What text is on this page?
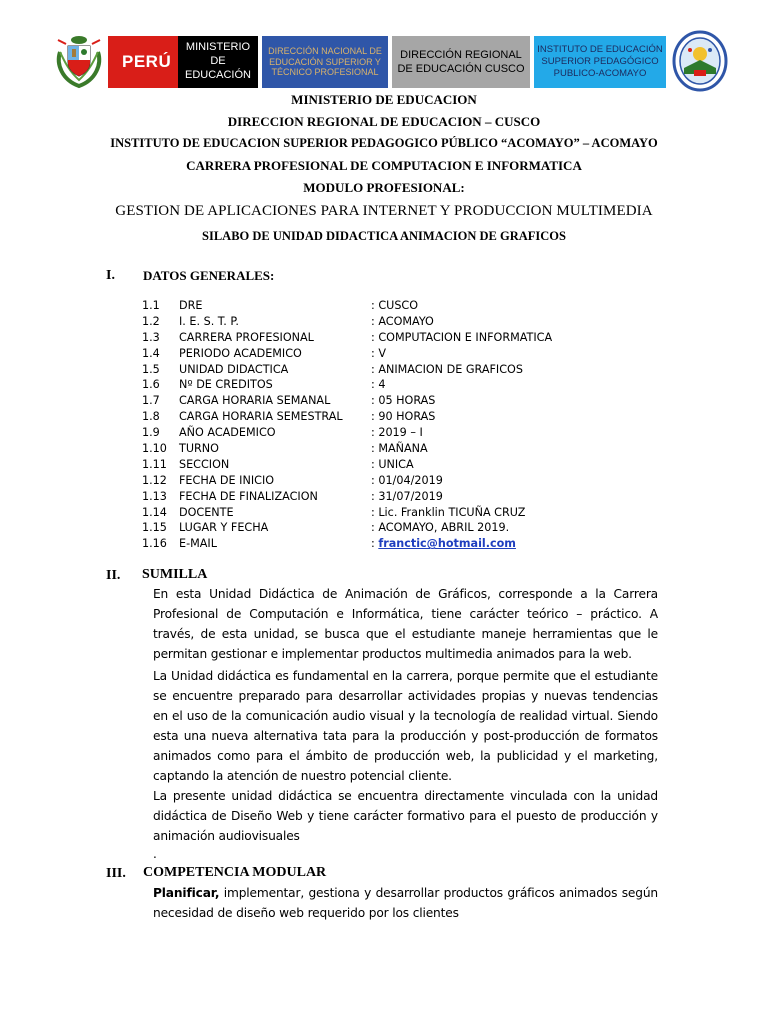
PERÚ
MINISTERIO
DE
EDUCACIÓN
DIRECCIÓN NACIONAL DE EDUCACIÓN SUPERIOR Y TÉCNICO PROFESIONAL
DIRECCIÓN REGIONAL
DE EDUCACIÓN CUSCO
INSTITUTO DE EDUCACIÓN
SUPERIOR PEDAGÓGICO
PUBLICO-ACOMAYO
MINISTERIO DE EDUCACION
DIRECCION REGIONAL DE EDUCACION – CUSCO
INSTITUTO DE EDUCACION SUPERIOR PEDAGOGICO PÚBLICO “ACOMAYO” – ACOMAYO
CARRERA PROFESIONAL DE COMPUTACION E INFORMATICA
MODULO PROFESIONAL:
GESTION DE APLICACIONES PARA INTERNET Y PRODUCCION MULTIMEDIA
SILABO DE UNIDAD DIDACTICA ANIMACION DE GRAFICOS
I. DATOS GENERALES:
1.1 DRE	: CUSCO
1.2 I. E. S. T. P.	: ACOMAYO
1.3 CARRERA PROFESIONAL	: COMPUTACION E INFORMATICA
1.4 PERIODO ACADEMICO	: V
1.5 UNIDAD DIDACTICA	: ANIMACION DE GRAFICOS
1.6 Nº DE CREDITOS	: 4
1.7 CARGA HORARIA SEMANAL	: 05 HORAS
1.8 CARGA HORARIA SEMESTRAL	: 90 HORAS
1.9 AÑO ACADEMICO	: 2019 – I
1.10 TURNO	: MAÑANA
1.11 SECCION	: UNICA
1.12 FECHA DE INICIO	: 01/04/2019
1.13 FECHA DE FINALIZACION	: 31/07/2019
1.14 DOCENTE	: Lic. Franklin TICUÑA CRUZ
1.15 LUGAR Y FECHA	: ACOMAYO, ABRIL 2019.
1.16 E-MAIL	: franctic@hotmail.com
II. SUMILLA
En esta Unidad Didáctica de Animación de Gráficos, corresponde a la Carrera Profesional de Computación e Informática, tiene carácter teórico – práctico. A través, de esta unidad, se busca que el estudiante maneje herramientas que le permitan gestionar e implementar productos multimedia animados para la web.
La Unidad didáctica es fundamental en la carrera, porque permite que el estudiante se encuentre preparado para desarrollar actividades propias y nuevas tendencias en el uso de la comunicación audio visual y la tecnología de realidad virtual. Siendo esta una nueva alternativa tata para la producción y post-producción de formatos animados como para el ámbito de producción web, la publicidad y el marketing, captando la atención de nuestro potencial cliente.
La presente unidad didáctica se encuentra directamente vinculada con la unidad didáctica de Diseño Web y tiene carácter formativo para el puesto de producción y animación audiovisuales
.
III. COMPETENCIA MODULAR
Planificar, implementar, gestiona y desarrollar productos gráficos animados según necesidad de diseño web requerido por los clientes
